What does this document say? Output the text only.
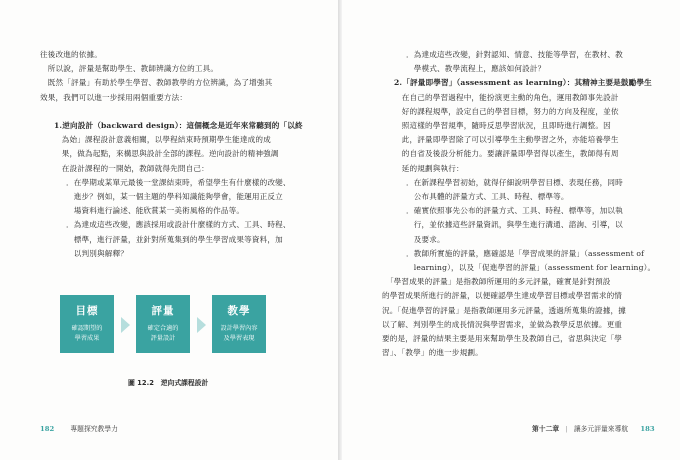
往後改進的依據。

　所以說，評量是幫助學生、教師辨識方位的工具。

　既然「評量」有助於學生學習、教師教學的方位辨識，為了增強其

效果，我們可以進一步採用兩個重要方法：

1.逆向設計（backward design）：這個概念是近年來常聽到的「以終

　為始」課程設計意義相關，以學程結束時預期學生能達成的成

　果，做為起點，來構思與設計全部的課程。逆向設計的精神強調

　在設計課程的一開始，教師就得先問自己：

．在學期或某單元最後一堂課結束時，希望學生有什麼樣的改變、

　進步？例如，某一個主題的學科知識能夠學會，能運用正反立

　場資料進行論述、能欣賞某一美術風格的作品等。

．為達成這些改變，應該採用或設計什麼樣的方式、工具、時程、

　標準，進行評量，並針對所蒐集到的學生學習成果等資料，加

　以判別與解釋？

目標
確認期望的
學習成果
評量
確定合適的
評量設計
教學
設計學習內容
及學習表現
圖 12.2　逆向式課程設計
182 專題探究教學力

．為達成這些改變，針對認知、情意、技能等學習，在教材、教

　學模式、教學流程上，應該如何設計？

2.「評量即學習」（assessment as learning）：其精神主要是鼓勵學生

　在自己的學習過程中，能扮演更主動的角色，運用教師事先設計

　好的課程規準，設定自己的學習目標，努力的方向及程度，並依

　照這樣的學習規準，隨時反思學習狀況，且即時進行調整。因

　此，評量即學習除了可以引導學生主動學習之外，亦能培養學生

　的自省及後設分析能力。要讓評量即學習得以產生，教師得有周

　延的規劃與執行：

．在新課程學習初始，就得仔細說明學習目標、表現任務，同時

　公布具體的評量方式、工具、時程、標準等。

．確實依照事先公布的評量方式、工具、時程、標準等，加以執

　行，並依據這些評量資訊，與學生進行溝通、諮詢、引導，以

　及要求。

．教師所實施的評量，應確認是「學習成果的評量」（assessment of

　learning），以及「促進學習的評量」（assessment for learning）。

　「學習成果的評量」是指教師所運用的多元評量，確實是針對預設

的學習成果所進行的評量，以便確認學生達成學習目標或學習需求的情

況。「促進學習的評量」是指教師運用多元評量，透過所蒐集的證據，據

以了解、判別學生的成長情況與學習需求，並做為教學反思依據。更重

要的是，評量的結果主要是用來幫助學生及教師自己，省思與決定「學

習」、「教學」的進一步規劃。

第十二章 | 讓多元評量來導航 183
